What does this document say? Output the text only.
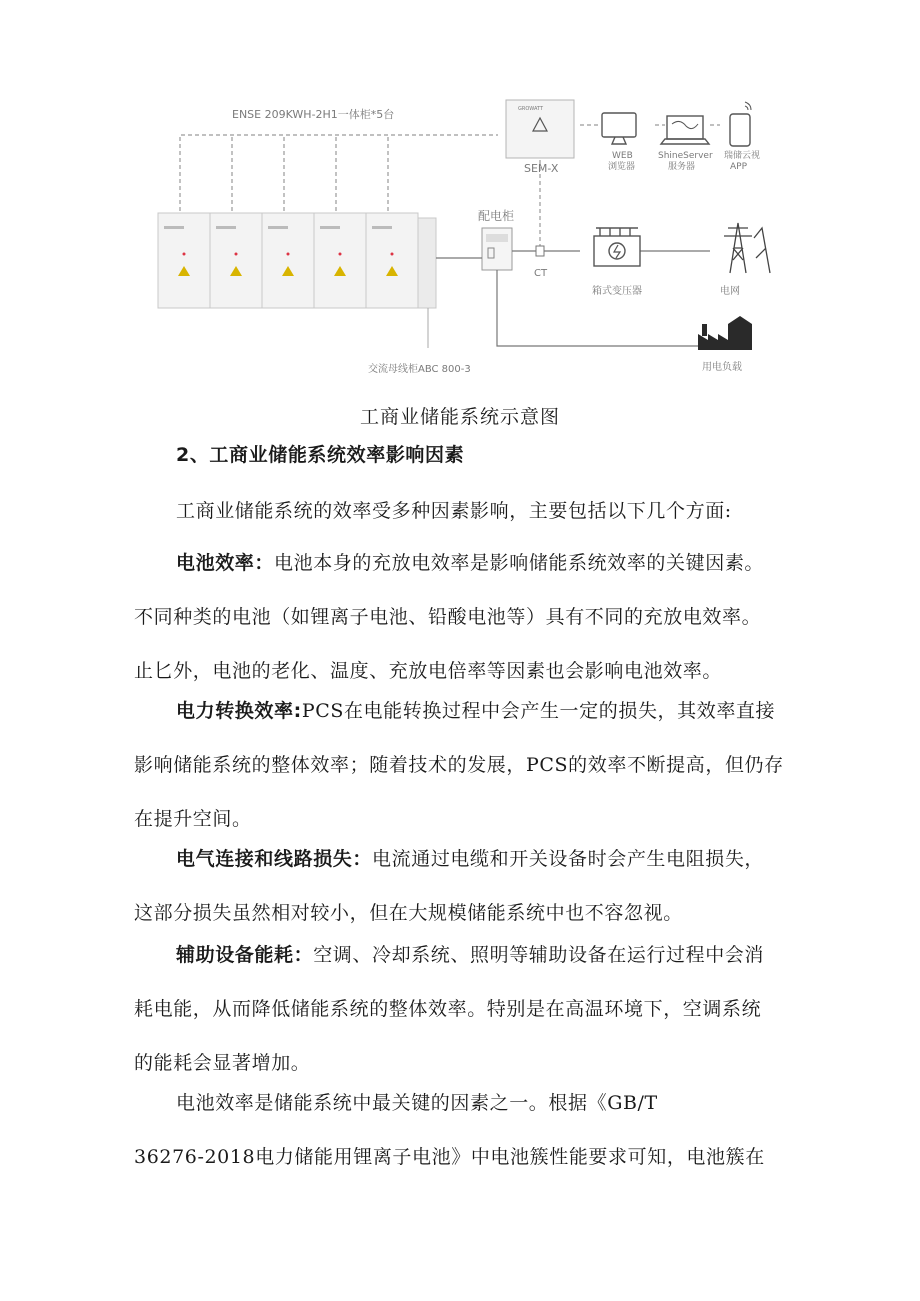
ENSE 209KWH-2H1一体柜*5台	GROWATT
SEM-X
WEB
浏览器
ShineServer
服务器
瑞储云视
APP
配电柜
CT
箱式变压器	电网
用电负载
交流母线柜ABC 800-3
工商业储能系统示意图
2、工商业储能系统效率影响因素

工商业储能系统的效率受多种因素影响，主要包括以下几个方面:

电池效率：电池本身的充放电效率是影响储能系统效率的关键因素。
不同种类的电池（如锂离子电池、铅酸电池等）具有不同的充放电效率。
止匕外，电池的老化、温度、充放电倍率等因素也会影响电池效率。

电力转换效率:PCS在电能转换过程中会产生一定的损失，其效率直接
影响储能系统的整体效率；随着技术的发展，PCS的效率不断提高，但仍存
在提升空间。

电气连接和线路损失：电流通过电缆和开关设备时会产生电阻损失，
这部分损失虽然相对较小，但在大规模储能系统中也不容忽视。

辅助设备能耗：空调、冷却系统、照明等辅助设备在运行过程中会消
耗电能，从而降低储能系统的整体效率。特别是在高温环境下，空调系统
的能耗会显著增加。

电池效率是储能系统中最关键的因素之一。根据《GB/T
36276-2018电力储能用锂离子电池》中电池簇性能要求可知，电池簇在
